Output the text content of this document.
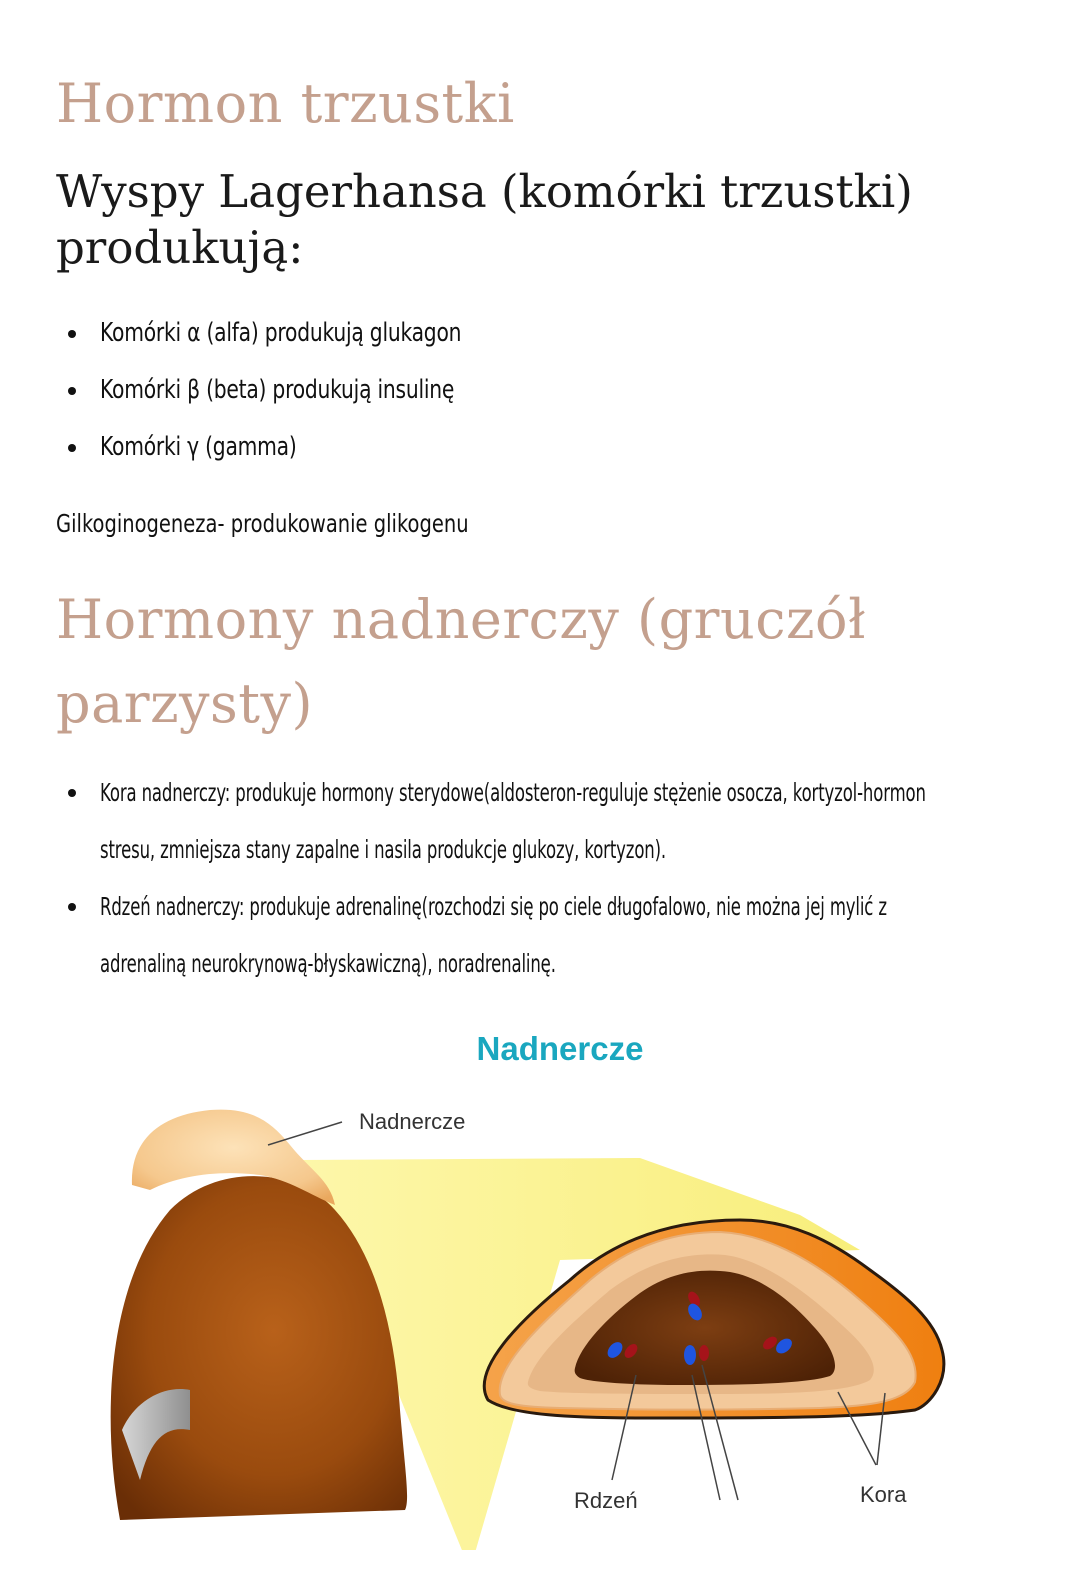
Hormon trzustki
Wyspy Lagerhansa (komórki trzustki) produkują:
Komórki α (alfa) produkują glukagon
Komórki β (beta) produkują insulinę
Komórki γ (gamma)
Gilkoginogeneza- produkowanie glikogenu
Hormony nadnerczy (gruczół parzysty)
Kora nadnerczy: produkuje hormony sterydowe(aldosteron-reguluje stężenie osocza, kortyzol-hormon
stresu, zmniejsza stany zapalne i nasila produkcje glukozy, kortyzon).
Rdzeń nadnerczy: produkuje adrenalinę(rozchodzi się po ciele długofalowo, nie można jej mylić z
adrenaliną neurokrynową-błyskawiczną), noradrenalinę.
Nadnercze
Nadnercze
Rdzeń	Kora
